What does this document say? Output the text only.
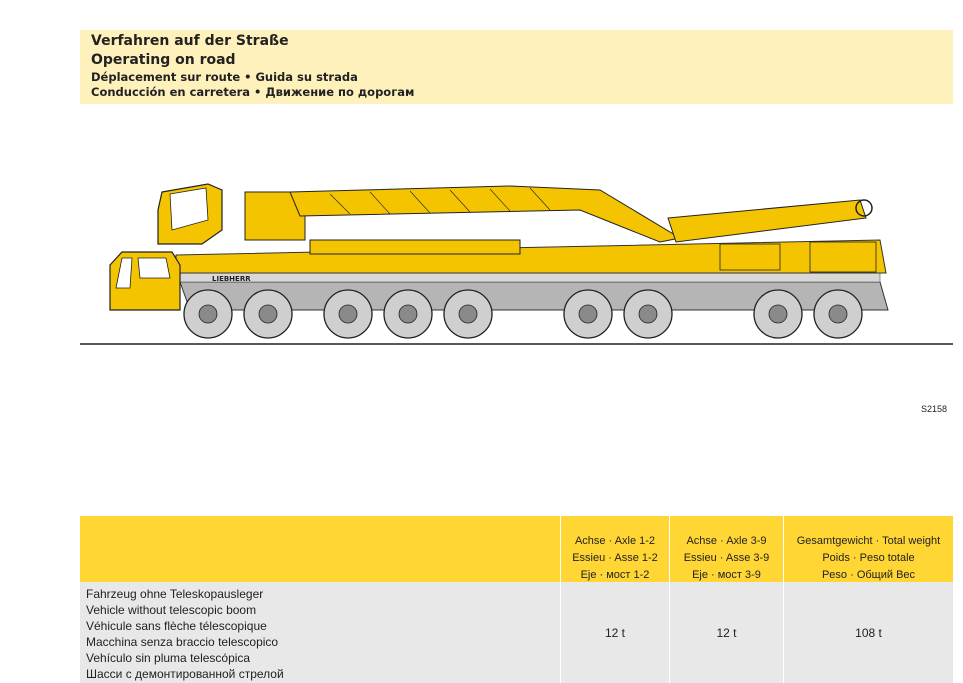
Verfahren auf der Straße
Operating on road
Déplacement sur route • Guida su strada
Conducción en carretera • Движение по дорогам
LIEBHERR
S2158
Achse · Axle 1-2
Essieu · Asse 1-2
Eje · мост 1-2
Achse · Axle 3-9
Essieu · Asse 3-9
Eje · мост 3-9
Gesamtgewicht · Total weight
Poids · Peso totale
Peso · Общий Вес
Fahrzeug ohne Teleskopausleger
Vehicle without telescopic boom
Véhicule sans flèche télescopique
Macchina senza braccio telescopico
Vehículo sin pluma telescópica
Шасси с демонтированной стрелой
12 t	12 t	108 t
